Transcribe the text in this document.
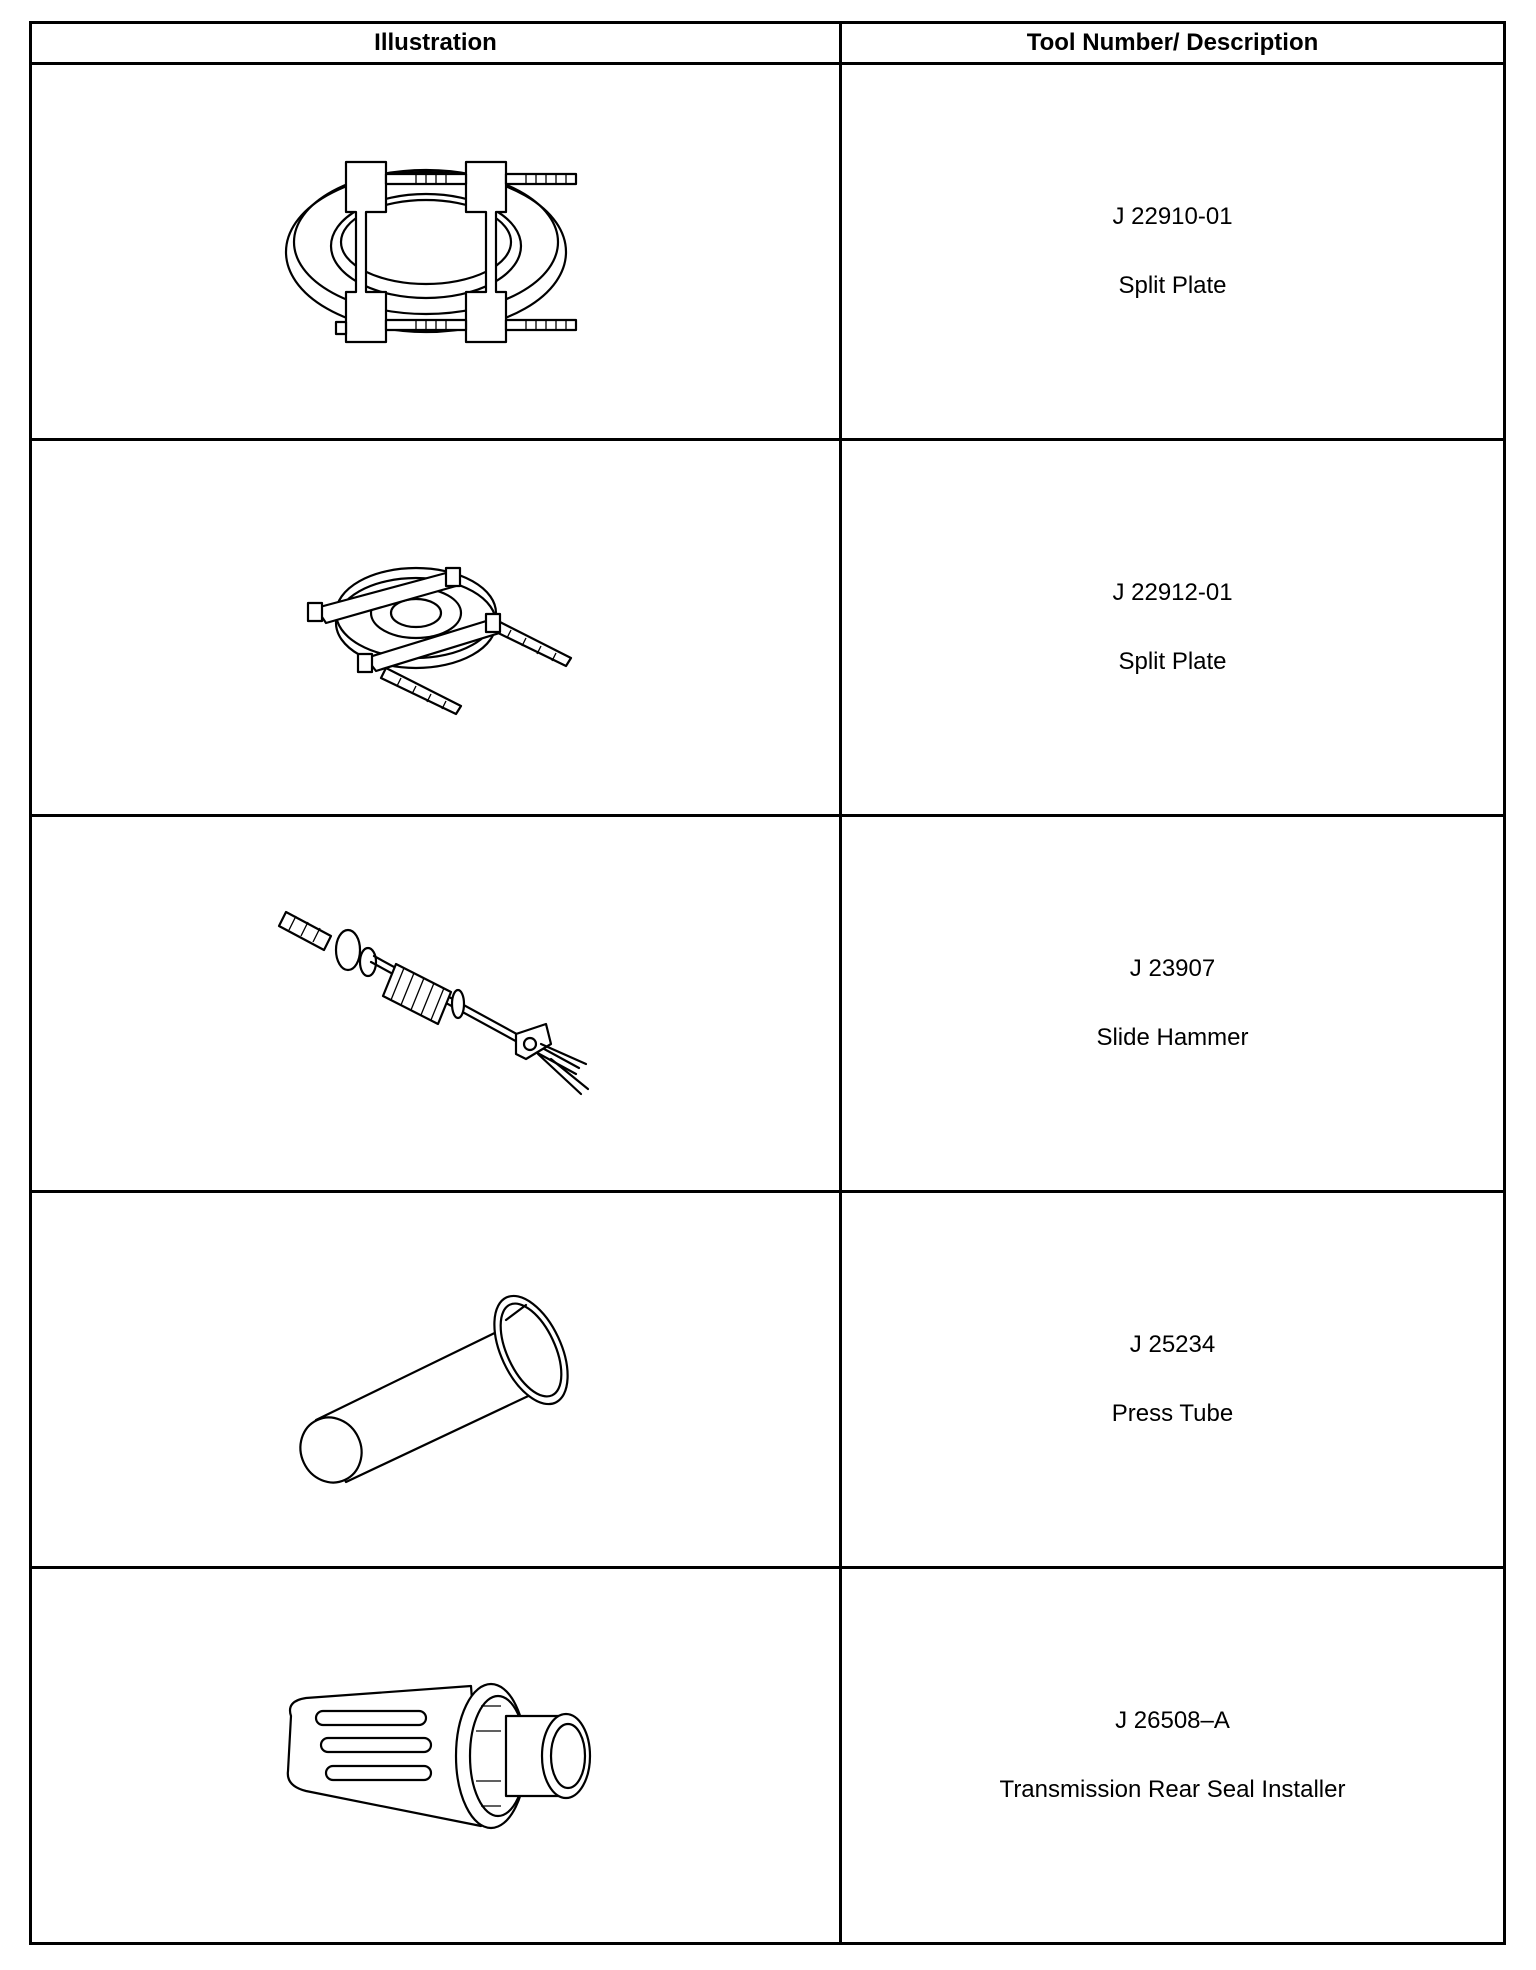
Illustration	Tool Number/ Description

J 22910-01
Split Plate

J 22912-01
Split Plate

J 23907
Slide Hammer

J 25234
Press Tube

J 26508–A
Transmission Rear Seal Installer
